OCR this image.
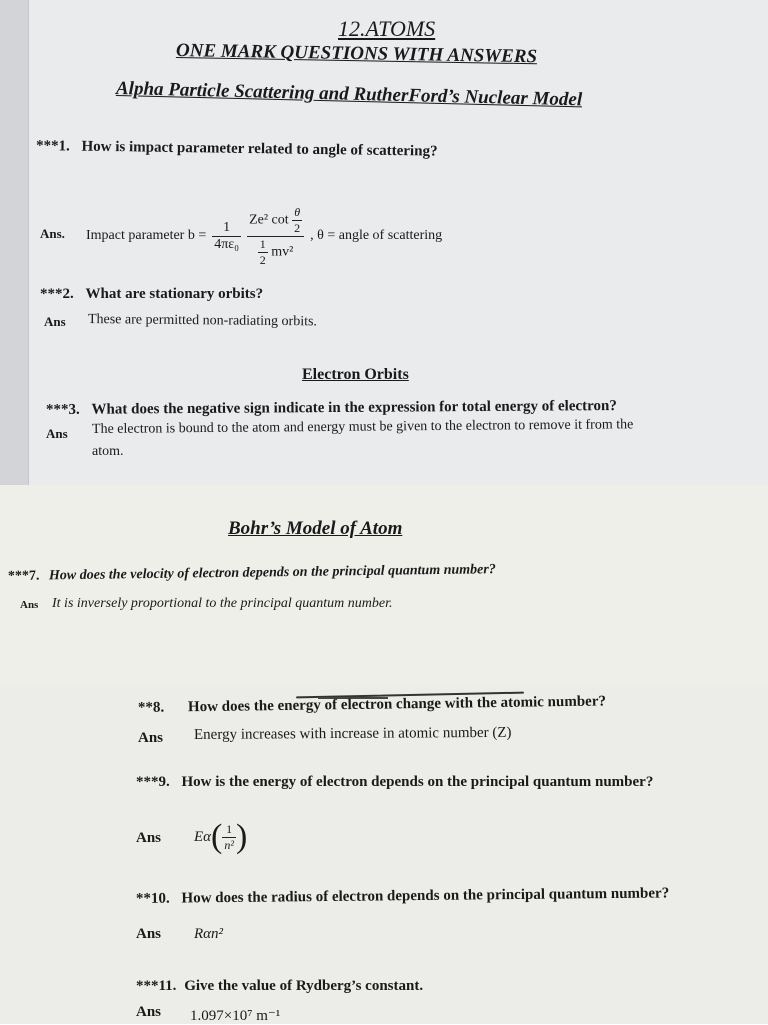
12.ATOMS
ONE MARK QUESTIONS WITH ANSWERS
Alpha Particle Scattering and RutherFord’s Nuclear Model
***1. How is impact parameter related to angle of scattering?
Ans. Impact parameter $b = \frac{1}{\text{4πε₀}} \frac{Ze^2 \cot \frac{\theta}{2}}{\frac{1}{2} mv^2}$ , θ = angle of scattering
***2. What are stationary orbits?
Ans These are permitted non-radiating orbits.
Electron Orbits
***3. What does the negative sign indicate in the expression for total energy of electron?
Ans The electron is bound to the atom and energy must be given to the electron to remove it from the
atom.
Bohr’s Model of Atom
***7. How does the velocity of electron depends on the principal quantum number?
Ans It is inversely proportional to the principal quantum number.
**8. How does the energy of electron change with the atomic number?
Ans Energy increases with increase in atomic number (Z)
***9. How is the energy of electron depends on the principal quantum number?
Ans Eα ( $\frac{1}{\text{n²}}$ )
**10. How does the radius of electron depends on the principal quantum number?
Ans Rαn²
***11. Give the value of Rydberg’s constant.
Ans 1.097×10⁷ m⁻¹
